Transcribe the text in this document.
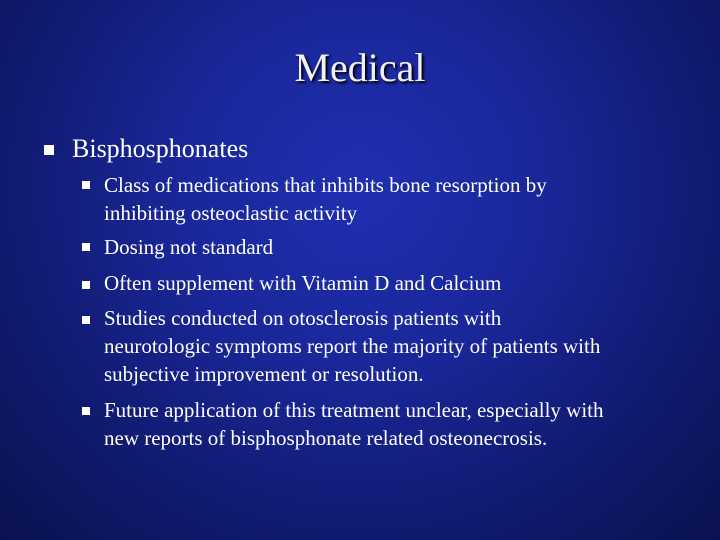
Medical
Bisphosphonates
Class of medications that inhibits bone resorption by
inhibiting osteoclastic activity
Dosing not standard
Often supplement with Vitamin D and Calcium
Studies conducted on otosclerosis patients with
neurotologic symptoms report the majority of patients with
subjective improvement or resolution.
Future application of this treatment unclear, especially with
new reports of bisphosphonate related osteonecrosis.
